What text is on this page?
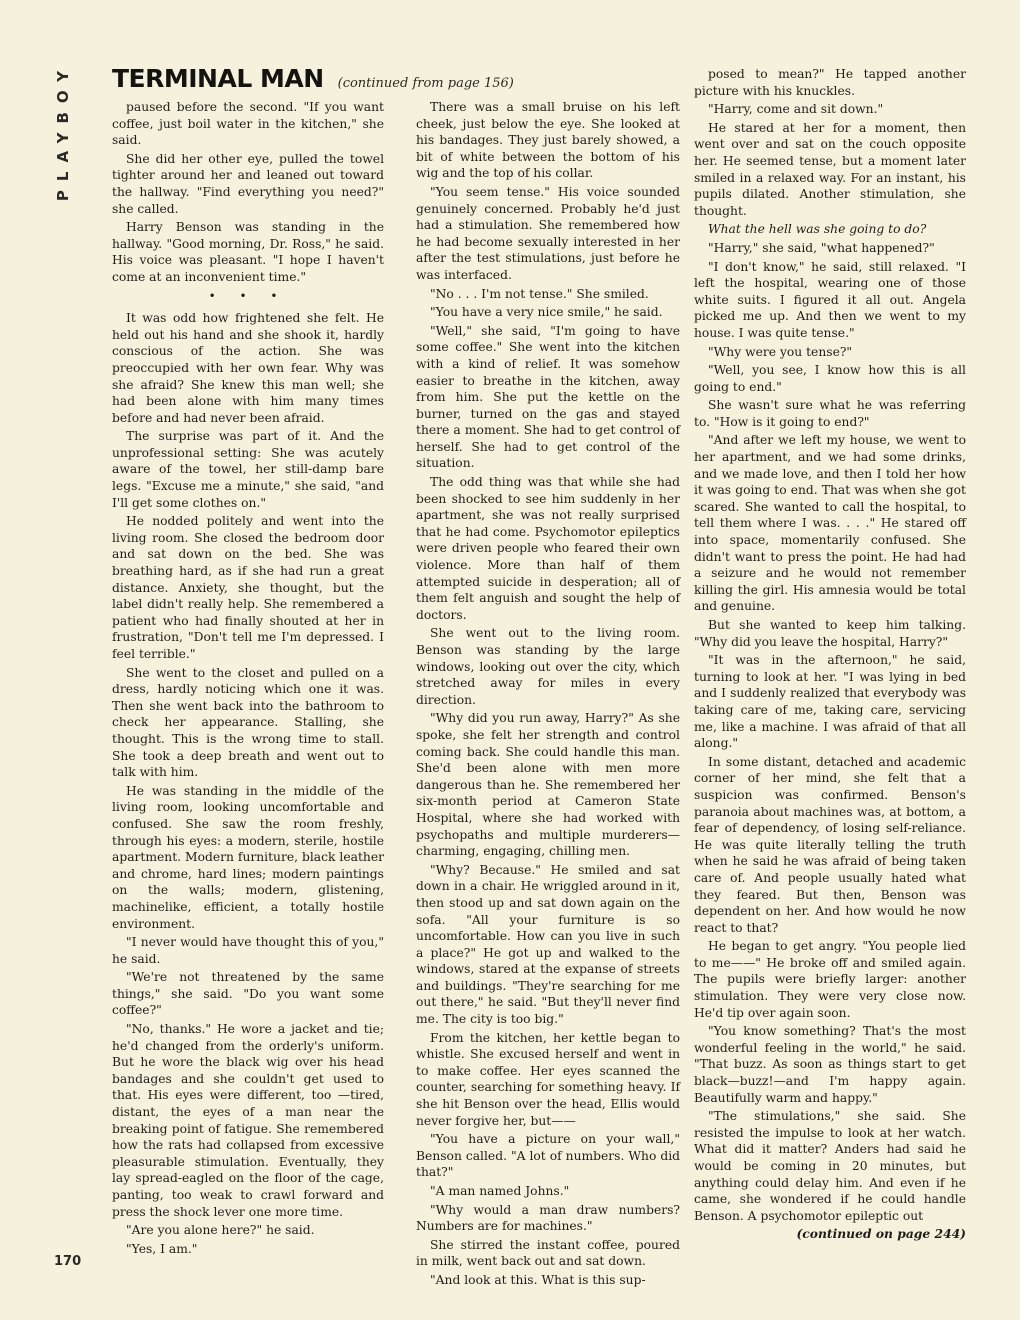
PLAYBOY	TERMINAL MAN (continued from page 156)

paused before the second. "If you want coffee, just boil water in the kitchen," she said.

She did her other eye, pulled the towel tighter around her and leaned out toward the hallway. "Find everything you need?" she called.

Harry Benson was standing in the hallway. "Good morning, Dr. Ross," he said. His voice was pleasant. "I hope I haven't come at an inconvenient time."

• • •

It was odd how frightened she felt. He held out his hand and she shook it, hardly conscious of the action. She was preoccupied with her own fear. Why was she afraid? She knew this man well; she had been alone with him many times before and had never been afraid.

The surprise was part of it. And the unprofessional setting: She was acutely aware of the towel, her still-damp bare legs. "Excuse me a minute," she said, "and I'll get some clothes on."

He nodded politely and went into the living room. She closed the bedroom door and sat down on the bed. She was breathing hard, as if she had run a great distance. Anxiety, she thought, but the label didn't really help. She remembered a patient who had finally shouted at her in frustration, "Don't tell me I'm depressed. I feel terrible."

She went to the closet and pulled on a dress, hardly noticing which one it was. Then she went back into the bathroom to check her appearance. Stalling, she thought. This is the wrong time to stall. She took a deep breath and went out to talk with him.

He was standing in the middle of the living room, looking uncomfortable and confused. She saw the room freshly, through his eyes: a modern, sterile, hostile apartment. Modern furniture, black leather and chrome, hard lines; modern paintings on the walls; modern, glistening, machinelike, efficient, a totally hostile environment.

"I never would have thought this of you," he said.

"We're not threatened by the same things," she said. "Do you want some coffee?"

"No, thanks." He wore a jacket and tie; he'd changed from the orderly's uniform. But he wore the black wig over his head bandages and she couldn't get used to that. His eyes were different, too —tired, distant, the eyes of a man near the breaking point of fatigue. She remembered how the rats had collapsed from excessive pleasurable stimulation. Eventually, they lay spread-eagled on the floor of the cage, panting, too weak to crawl forward and press the shock lever one more time.

"Are you alone here?" he said.

"Yes, I am."

There was a small bruise on his left cheek, just below the eye. She looked at his bandages. They just barely showed, a bit of white between the bottom of his wig and the top of his collar.

"You seem tense." His voice sounded genuinely concerned. Probably he'd just had a stimulation. She remembered how he had become sexually interested in her after the test stimulations, just before he was interfaced.

"No . . . I'm not tense." She smiled.

"You have a very nice smile," he said.

"Well," she said, "I'm going to have some coffee." She went into the kitchen with a kind of relief. It was somehow easier to breathe in the kitchen, away from him. She put the kettle on the burner, turned on the gas and stayed there a moment. She had to get control of herself. She had to get control of the situation.

The odd thing was that while she had been shocked to see him suddenly in her apartment, she was not really surprised that he had come. Psychomotor epileptics were driven people who feared their own violence. More than half of them attempted suicide in desperation; all of them felt anguish and sought the help of doctors.

She went out to the living room. Benson was standing by the large windows, looking out over the city, which stretched away for miles in every direction.

"Why did you run away, Harry?" As she spoke, she felt her strength and control coming back. She could handle this man. She'd been alone with men more dangerous than he. She remembered her six-month period at Cameron State Hospital, where she had worked with psychopaths and multiple murderers—charming, engaging, chilling men.

"Why? Because." He smiled and sat down in a chair. He wriggled around in it, then stood up and sat down again on the sofa. "All your furniture is so uncomfortable. How can you live in such a place?" He got up and walked to the windows, stared at the expanse of streets and buildings. "They're searching for me out there," he said. "But they'll never find me. The city is too big."

From the kitchen, her kettle began to whistle. She excused herself and went in to make coffee. Her eyes scanned the counter, searching for something heavy. If she hit Benson over the head, Ellis would never forgive her, but——

"You have a picture on your wall," Benson called. "A lot of numbers. Who did that?"

"A man named Johns."

"Why would a man draw numbers? Numbers are for machines."

She stirred the instant coffee, poured in milk, went back out and sat down.

"And look at this. What is this sup-

posed to mean?" He tapped another picture with his knuckles.

"Harry, come and sit down."

He stared at her for a moment, then went over and sat on the couch opposite her. He seemed tense, but a moment later smiled in a relaxed way. For an instant, his pupils dilated. Another stimulation, she thought.

What the hell was she going to do?

"Harry," she said, "what happened?"

"I don't know," he said, still relaxed. "I left the hospital, wearing one of those white suits. I figured it all out. Angela picked me up. And then we went to my house. I was quite tense."

"Why were you tense?"

"Well, you see, I know how this is all going to end."

She wasn't sure what he was referring to. "How is it going to end?"

"And after we left my house, we went to her apartment, and we had some drinks, and we made love, and then I told her how it was going to end. That was when she got scared. She wanted to call the hospital, to tell them where I was. . . ." He stared off into space, momentarily confused. She didn't want to press the point. He had had a seizure and he would not remember killing the girl. His amnesia would be total and genuine.

But she wanted to keep him talking. "Why did you leave the hospital, Harry?"

"It was in the afternoon," he said, turning to look at her. "I was lying in bed and I suddenly realized that everybody was taking care of me, taking care, servicing me, like a machine. I was afraid of that all along."

In some distant, detached and academic corner of her mind, she felt that a suspicion was confirmed. Benson's paranoia about machines was, at bottom, a fear of dependency, of losing self-reliance. He was quite literally telling the truth when he said he was afraid of being taken care of. And people usually hated what they feared. But then, Benson was dependent on her. And how would he now react to that?

He began to get angry. "You people lied to me——" He broke off and smiled again. The pupils were briefly larger: another stimulation. They were very close now. He'd tip over again soon.

"You know something? That's the most wonderful feeling in the world," he said. "That buzz. As soon as things start to get black—buzz!—and I'm happy again. Beautifully warm and happy."

"The stimulations," she said. She resisted the impulse to look at her watch. What did it matter? Anders had said he would be coming in 20 minutes, but anything could delay him. And even if he came, she wondered if he could handle Benson. A psychomotor epileptic out

(continued on page 244)
170
